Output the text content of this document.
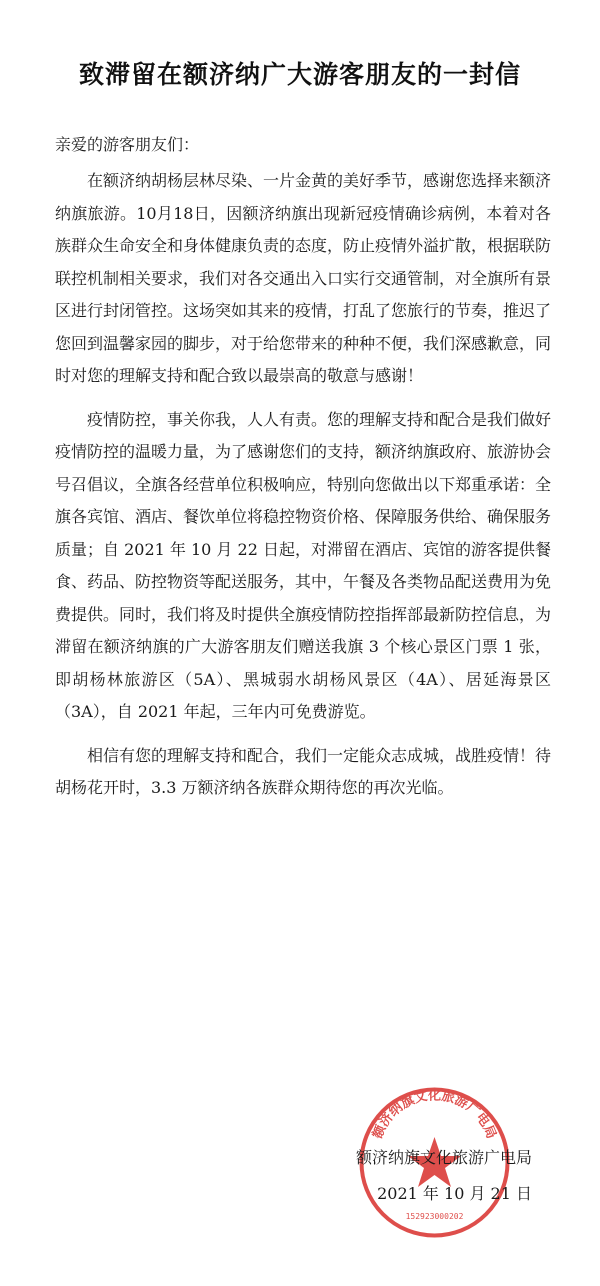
致滞留在额济纳广大游客朋友的一封信
亲爱的游客朋友们：

在额济纳胡杨层林尽染、一片金黄的美好季节，感谢您选择来额济纳旗旅游。10月18日，因额济纳旗出现新冠疫情确诊病例，本着对各族群众生命安全和身体健康负责的态度，防止疫情外溢扩散，根据联防联控机制相关要求，我们对各交通出入口实行交通管制，对全旗所有景区进行封闭管控。这场突如其来的疫情，打乱了您旅行的节奏，推迟了您回到温馨家园的脚步，对于给您带来的种种不便，我们深感歉意，同时对您的理解支持和配合致以最崇高的敬意与感谢！

疫情防控，事关你我，人人有责。您的理解支持和配合是我们做好疫情防控的温暖力量，为了感谢您们的支持，额济纳旗政府、旅游协会号召倡议，全旗各经营单位积极响应，特别向您做出以下郑重承诺：全旗各宾馆、酒店、餐饮单位将稳控物资价格、保障服务供给、确保服务质量；自 2021 年 10 月 22 日起，对滞留在酒店、宾馆的游客提供餐食、药品、防控物资等配送服务，其中，午餐及各类物品配送费用为免费提供。同时，我们将及时提供全旗疫情防控指挥部最新防控信息，为滞留在额济纳旗的广大游客朋友们赠送我旗 3 个核心景区门票 1 张，即胡杨林旅游区（5A）、黑城弱水胡杨风景区（4A）、居延海景区（3A），自 2021 年起，三年内可免费游览。

相信有您的理解支持和配合，我们一定能众志成城，战胜疫情！待胡杨花开时，3.3 万额济纳各族群众期待您的再次光临。

额济纳旗文化旅游广电局
152923000202
额济纳旗文化旅游广电局
2021 年 10 月 21 日
